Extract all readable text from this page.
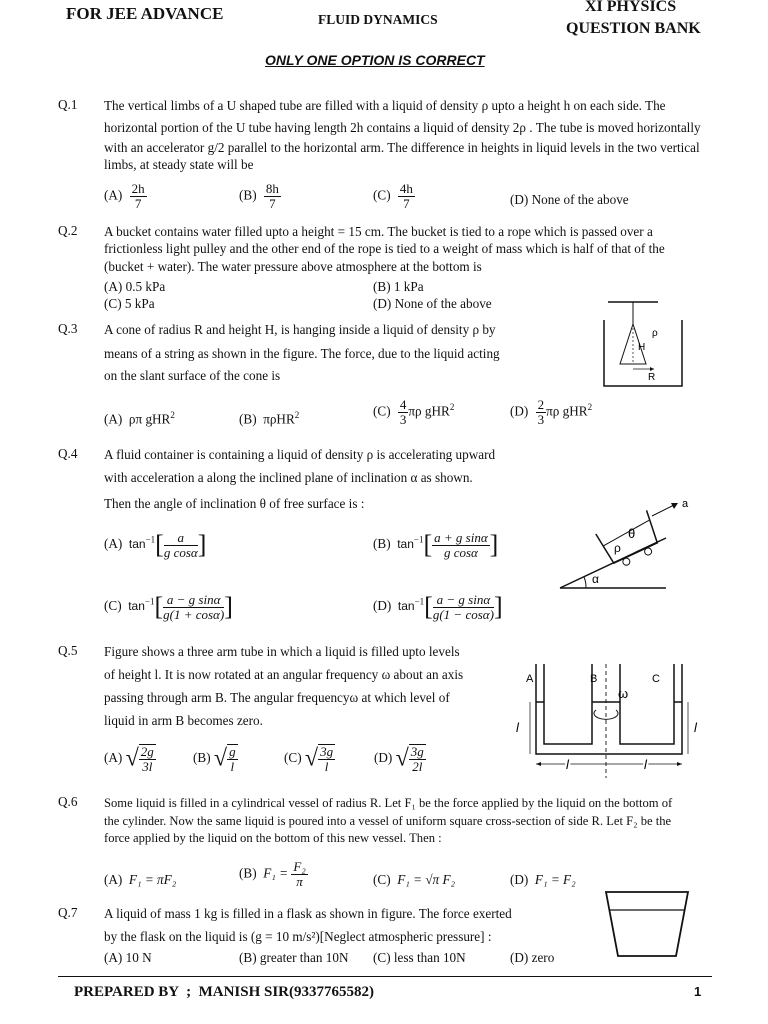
FOR JEE ADVANCE	FLUID DYNAMICS
XI PHYSICS
QUESTION BANK
ONLY ONE OPTION IS CORRECT
Q.1 The vertical limbs of a U shaped tube are filled with a liquid of density ρ upto a height h on each side. The
horizontal portion of the U tube having length 2h contains a liquid of density 2ρ . The tube is moved horizontally
with an accelerator g/2 parallel to the horizontal arm. The difference in heights in liquid levels in the two vertical
limbs, at steady state will be
$(A) \frac{2h}{7}$	$(B) \frac{8h}{7}$	$(C) \frac{4h}{7}$	(D) None of the above
Q.2 A bucket contains water filled upto a height = 15 cm. The bucket is tied to a rope which is passed over a
frictionless light pulley and the other end of the rope is tied to a weight of mass which is half of that of the
(bucket + water). The water pressure above atmosphere at the bottom is
(A) 0.5 kPa	(B) 1 kPa
(C) 5 kPa	(D) None of the above
Q.3 A cone of radius R and height H, is hanging inside a liquid of density ρ by
means of a string as shown in the figure. The force, due to the liquid acting
on the slant surface of the cone is
(A) ρπ gHR$^2$	(B) πρHR$^2$	$(C) \frac{4}{3}$ πρ gHR$^2$	$(D) \frac{2}{3}$ πρ gHR$^2$
ρ
H
R
Q.4 A fluid container is containing a liquid of density ρ is accelerating upward
with acceleration a along the inclined plane of inclination α as shown.
Then the angle of inclination θ of free surface is :
(A) $\tan^{-1}[ \frac{a}{\text{g cosα}}$ ]	(B) $\tan^{-1}[ \frac{\text{a + g sinα}}{\text{g cosα}}$ ]
(C) $\tan^{-1}[ \frac{\text{a − g sinα}}{g(1 + \cos\alpha)}$ ]	(D) $\tan^{-1}[ \frac{\text{a − g sinα}}{g(1 - \cos\alpha)}$ ]
α
θ
ρ
a
Q.5 Figure shows a three arm tube in which a liquid is filled upto levels
of height l. It is now rotated at an angular frequency ω about an axis
passing through arm B. The angular frequencyω at which level of
liquid in arm B becomes zero.
(A) √ $\frac{2g}{3l}$	(B) √ $\frac{g}{l}$	(C) √ $\frac{3g}{l}$	(D) √ $\frac{3g}{2l}$
A	B	C
ω
l	l
l	l
Q.6 Some liquid is filled in a cylindrical vessel of radius R. Let F₁ be the force applied by the liquid on the bottom of
the cylinder. Now the same liquid is poured into a vessel of uniform square cross-section of side R. Let F₂ be the
force applied by the liquid on the bottom of this new vessel. Then :
(A) F₁ = πF₂	(B) $F_1 = \frac{\text{F₂}}{\pi}$	(C) F₁ = √π F₂	(D) F₁ = F₂
Q.7 A liquid of mass 1 kg is filled in a flask as shown in figure. The force exerted
by the flask on the liquid is (g = 10 m/s²)[Neglect atmospheric pressure] :
(A) 10 N	(B) greater than 10N (C) less than 10N	(D) zero
PREPARED BY  ;  MANISH SIR(9337765582)	1
